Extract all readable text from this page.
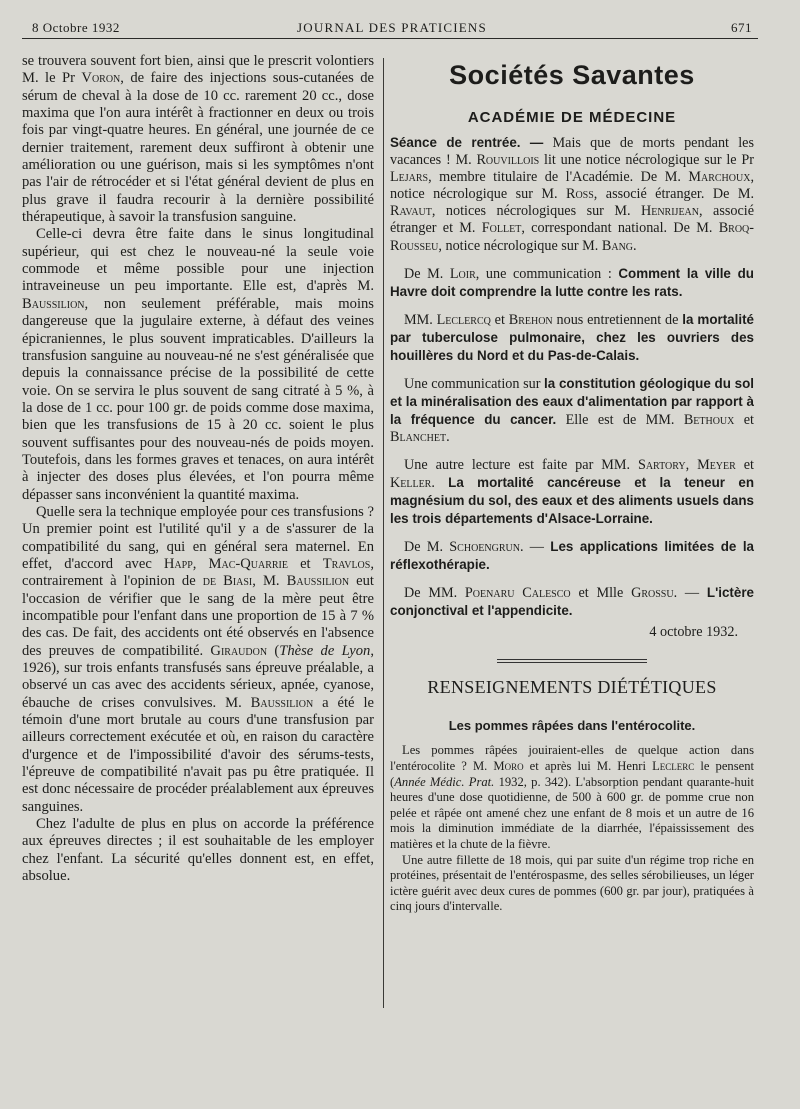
8 Octobre 1932	JOURNAL DES PRATICIENS	671

se trouvera souvent fort bien, ainsi que le prescrit volontiers M. le Pr Voron, de faire des injections sous-cutanées de sérum de cheval à la dose de 10 cc. rarement 20 cc., dose maxima que l'on aura intérêt à fractionner en deux ou trois fois par vingt-quatre heures. En général, une journée de ce dernier traitement, rarement deux suffiront à obtenir une amélioration ou une guérison, mais si les symptômes n'ont pas l'air de rétrocéder et si l'état général devient de plus en plus grave il faudra recourir à la dernière possibilité thérapeutique, à savoir la transfusion sanguine.

Celle-ci devra être faite dans le sinus longitudinal supérieur, qui est chez le nouveau-né la seule voie commode et même possible pour une injection intraveineuse un peu importante. Elle est, d'après M. Baussilion, non seulement préférable, mais moins dangereuse que la jugulaire externe, à défaut des veines épicraniennes, le plus souvent impraticables. D'ailleurs la transfusion sanguine au nouveau-né ne s'est généralisée que depuis la connaissance précise de la possibilité de cette voie. On se servira le plus souvent de sang citraté à 5 %, à la dose de 1 cc. pour 100 gr. de poids comme dose maxima, bien que les transfusions de 15 à 20 cc. soient le plus souvent suffisantes pour des nouveau-nés de poids moyen. Toutefois, dans les formes graves et tenaces, on aura intérêt à injecter des doses plus élevées, et l'on pourra même dépasser sans inconvénient la quantité maxima.

Quelle sera la technique employée pour ces transfusions ? Un premier point est l'utilité qu'il y a de s'assurer de la compatibilité du sang, qui en général sera maternel. En effet, d'accord avec Happ, Mac-Quarrie et Travlos, contrairement à l'opinion de de Biasi, M. Baussilion eut l'occasion de vérifier que le sang de la mère peut être incompatible pour l'enfant dans une proportion de 15 à 7 % des cas. De fait, des accidents ont été observés en l'absence des preuves de compatibilité. Giraudon (Thèse de Lyon, 1926), sur trois enfants transfusés sans épreuve préalable, a observé un cas avec des accidents sérieux, apnée, cyanose, ébauche de crises convulsives. M. Baussilion a été le témoin d'une mort brutale au cours d'une transfusion par ailleurs correctement exécutée et où, en raison du caractère d'urgence et de l'impossibilité d'avoir des sérums-tests, l'épreuve de compatibilité n'avait pas pu être pratiquée. Il est donc nécessaire de procéder préalablement aux épreuves sanguines.

Chez l'adulte de plus en plus on accorde la préférence aux épreuves directes ; il est souhaitable de les employer chez l'enfant. La sécurité qu'elles donnent est, en effet, absolue.

Sociétés Savantes
ACADÉMIE DE MÉDECINE

Séance de rentrée. — Mais que de morts pendant les vacances ! M. Rouvillois lit une notice nécrologique sur le Pr Lejars, membre titulaire de l'Académie. De M. Marchoux, notice nécrologique sur M. Ross, associé étranger. De M. Ravaut, notices nécrologiques sur M. Henrijean, associé étranger et M. Follet, correspondant national. De M. Broq-Rousseu, notice nécrologique sur M. Bang.

De M. Loir, une communication : Comment la ville du Havre doit comprendre la lutte contre les rats.

MM. Leclercq et Brehon nous entretiennent de la mortalité par tuberculose pulmonaire, chez les ouvriers des houillères du Nord et du Pas-de-Calais.

Une communication sur la constitution géologique du sol et la minéralisation des eaux d'alimentation par rapport à la fréquence du cancer. Elle est de MM. Bethoux et Blanchet.

Une autre lecture est faite par MM. Sartory, Meyer et Keller. La mortalité cancéreuse et la teneur en magnésium du sol, des eaux et des aliments usuels dans les trois départements d'Alsace-Lorraine.

De M. Schoengrun. — Les applications limitées de la réflexothérapie.

De MM. Poenaru Calesco et Mlle Grossu. — L'ictère conjonctival et l'appendicite.

4 octobre 1932.
RENSEIGNEMENTS DIÉTÉTIQUES
Les pommes râpées dans l'entérocolite.

Les pommes râpées jouiraient-elles de quelque action dans l'entérocolite ? M. Moro et après lui M. Henri Leclerc le pensent (Année Médic. Prat. 1932, p. 342). L'absorption pendant quarante-huit heures d'une dose quotidienne, de 500 à 600 gr. de pomme crue non pelée et râpée ont amené chez une enfant de 8 mois et un autre de 16 mois la diminution immédiate de la diarrhée, l'épaississement des matières et la chute de la fièvre.

Une autre fillette de 18 mois, qui par suite d'un régime trop riche en protéines, présentait de l'entérospasme, des selles sérobilieuses, un léger ictère guérit avec deux cures de pommes (600 gr. par jour), pratiquées à cinq jours d'intervalle.
